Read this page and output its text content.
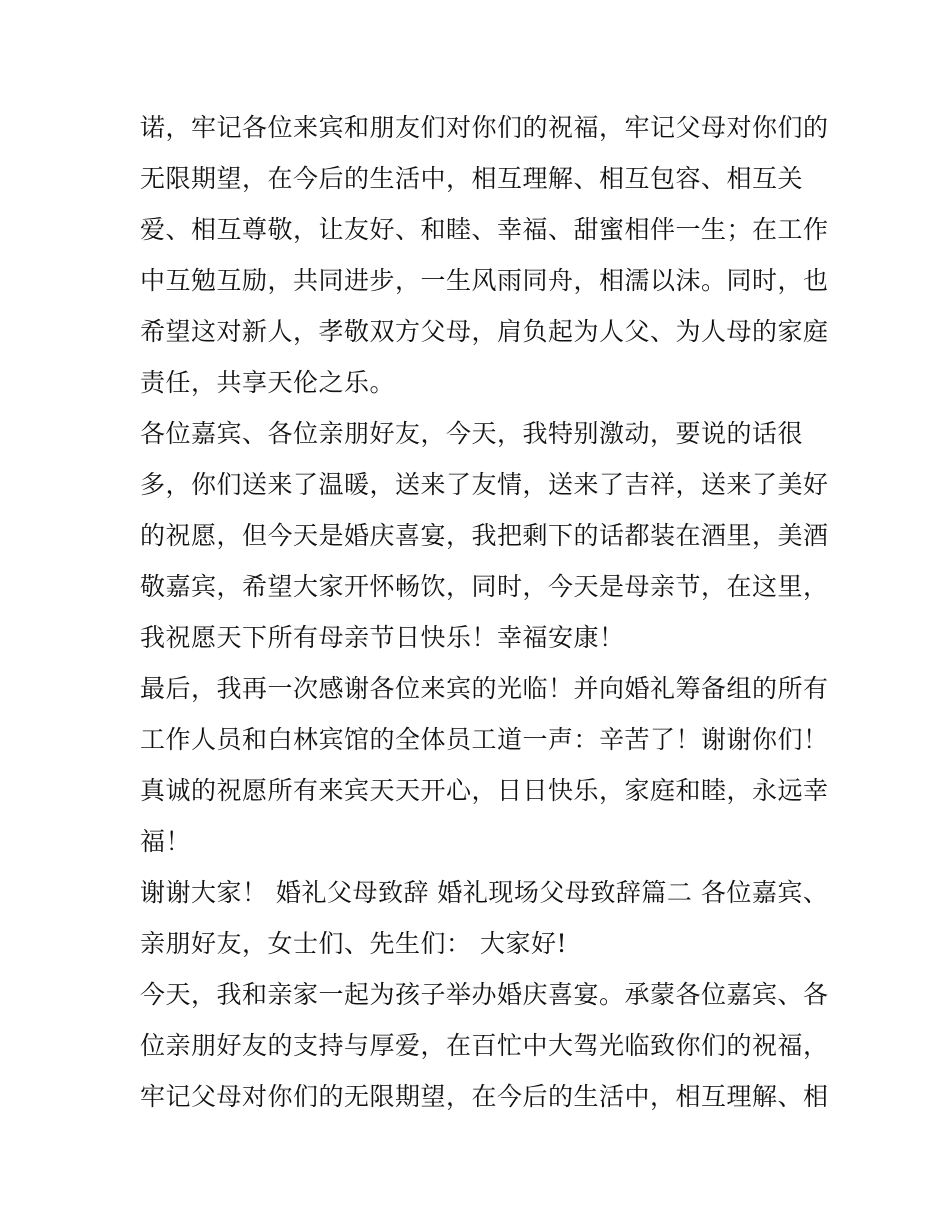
诺，牢记各位来宾和朋友们对你们的祝福，牢记父母对你们的
无限期望，在今后的生活中，相互理解、相互包容、相互关
爱、相互尊敬，让友好、和睦、幸福、甜蜜相伴一生；在工作
中互勉互励，共同进步，一生风雨同舟，相濡以沫。同时，也
希望这对新人，孝敬双方父母，肩负起为人父、为人母的家庭
责任，共享天伦之乐。
各位嘉宾、各位亲朋好友，今天，我特别激动，要说的话很
多，你们送来了温暖，送来了友情，送来了吉祥，送来了美好
的祝愿，但今天是婚庆喜宴，我把剩下的话都装在酒里，美酒
敬嘉宾，希望大家开怀畅饮，同时，今天是母亲节，在这里，
我祝愿天下所有母亲节日快乐！幸福安康！
最后，我再一次感谢各位来宾的光临！并向婚礼筹备组的所有
工作人员和白林宾馆的全体员工道一声：辛苦了！谢谢你们！
真诚的祝愿所有来宾天天开心，日日快乐，家庭和睦，永远幸
福！
谢谢大家！ 婚礼父母致辞 婚礼现场父母致辞篇二 各位嘉宾、
亲朋好友，女士们、先生们： 大家好!
今天，我和亲家一起为孩子举办婚庆喜宴。承蒙各位嘉宾、各
位亲朋好友的支持与厚爱，在百忙中大驾光临致你们的祝福，
牢记父母对你们的无限期望，在今后的生活中，相互理解、相
